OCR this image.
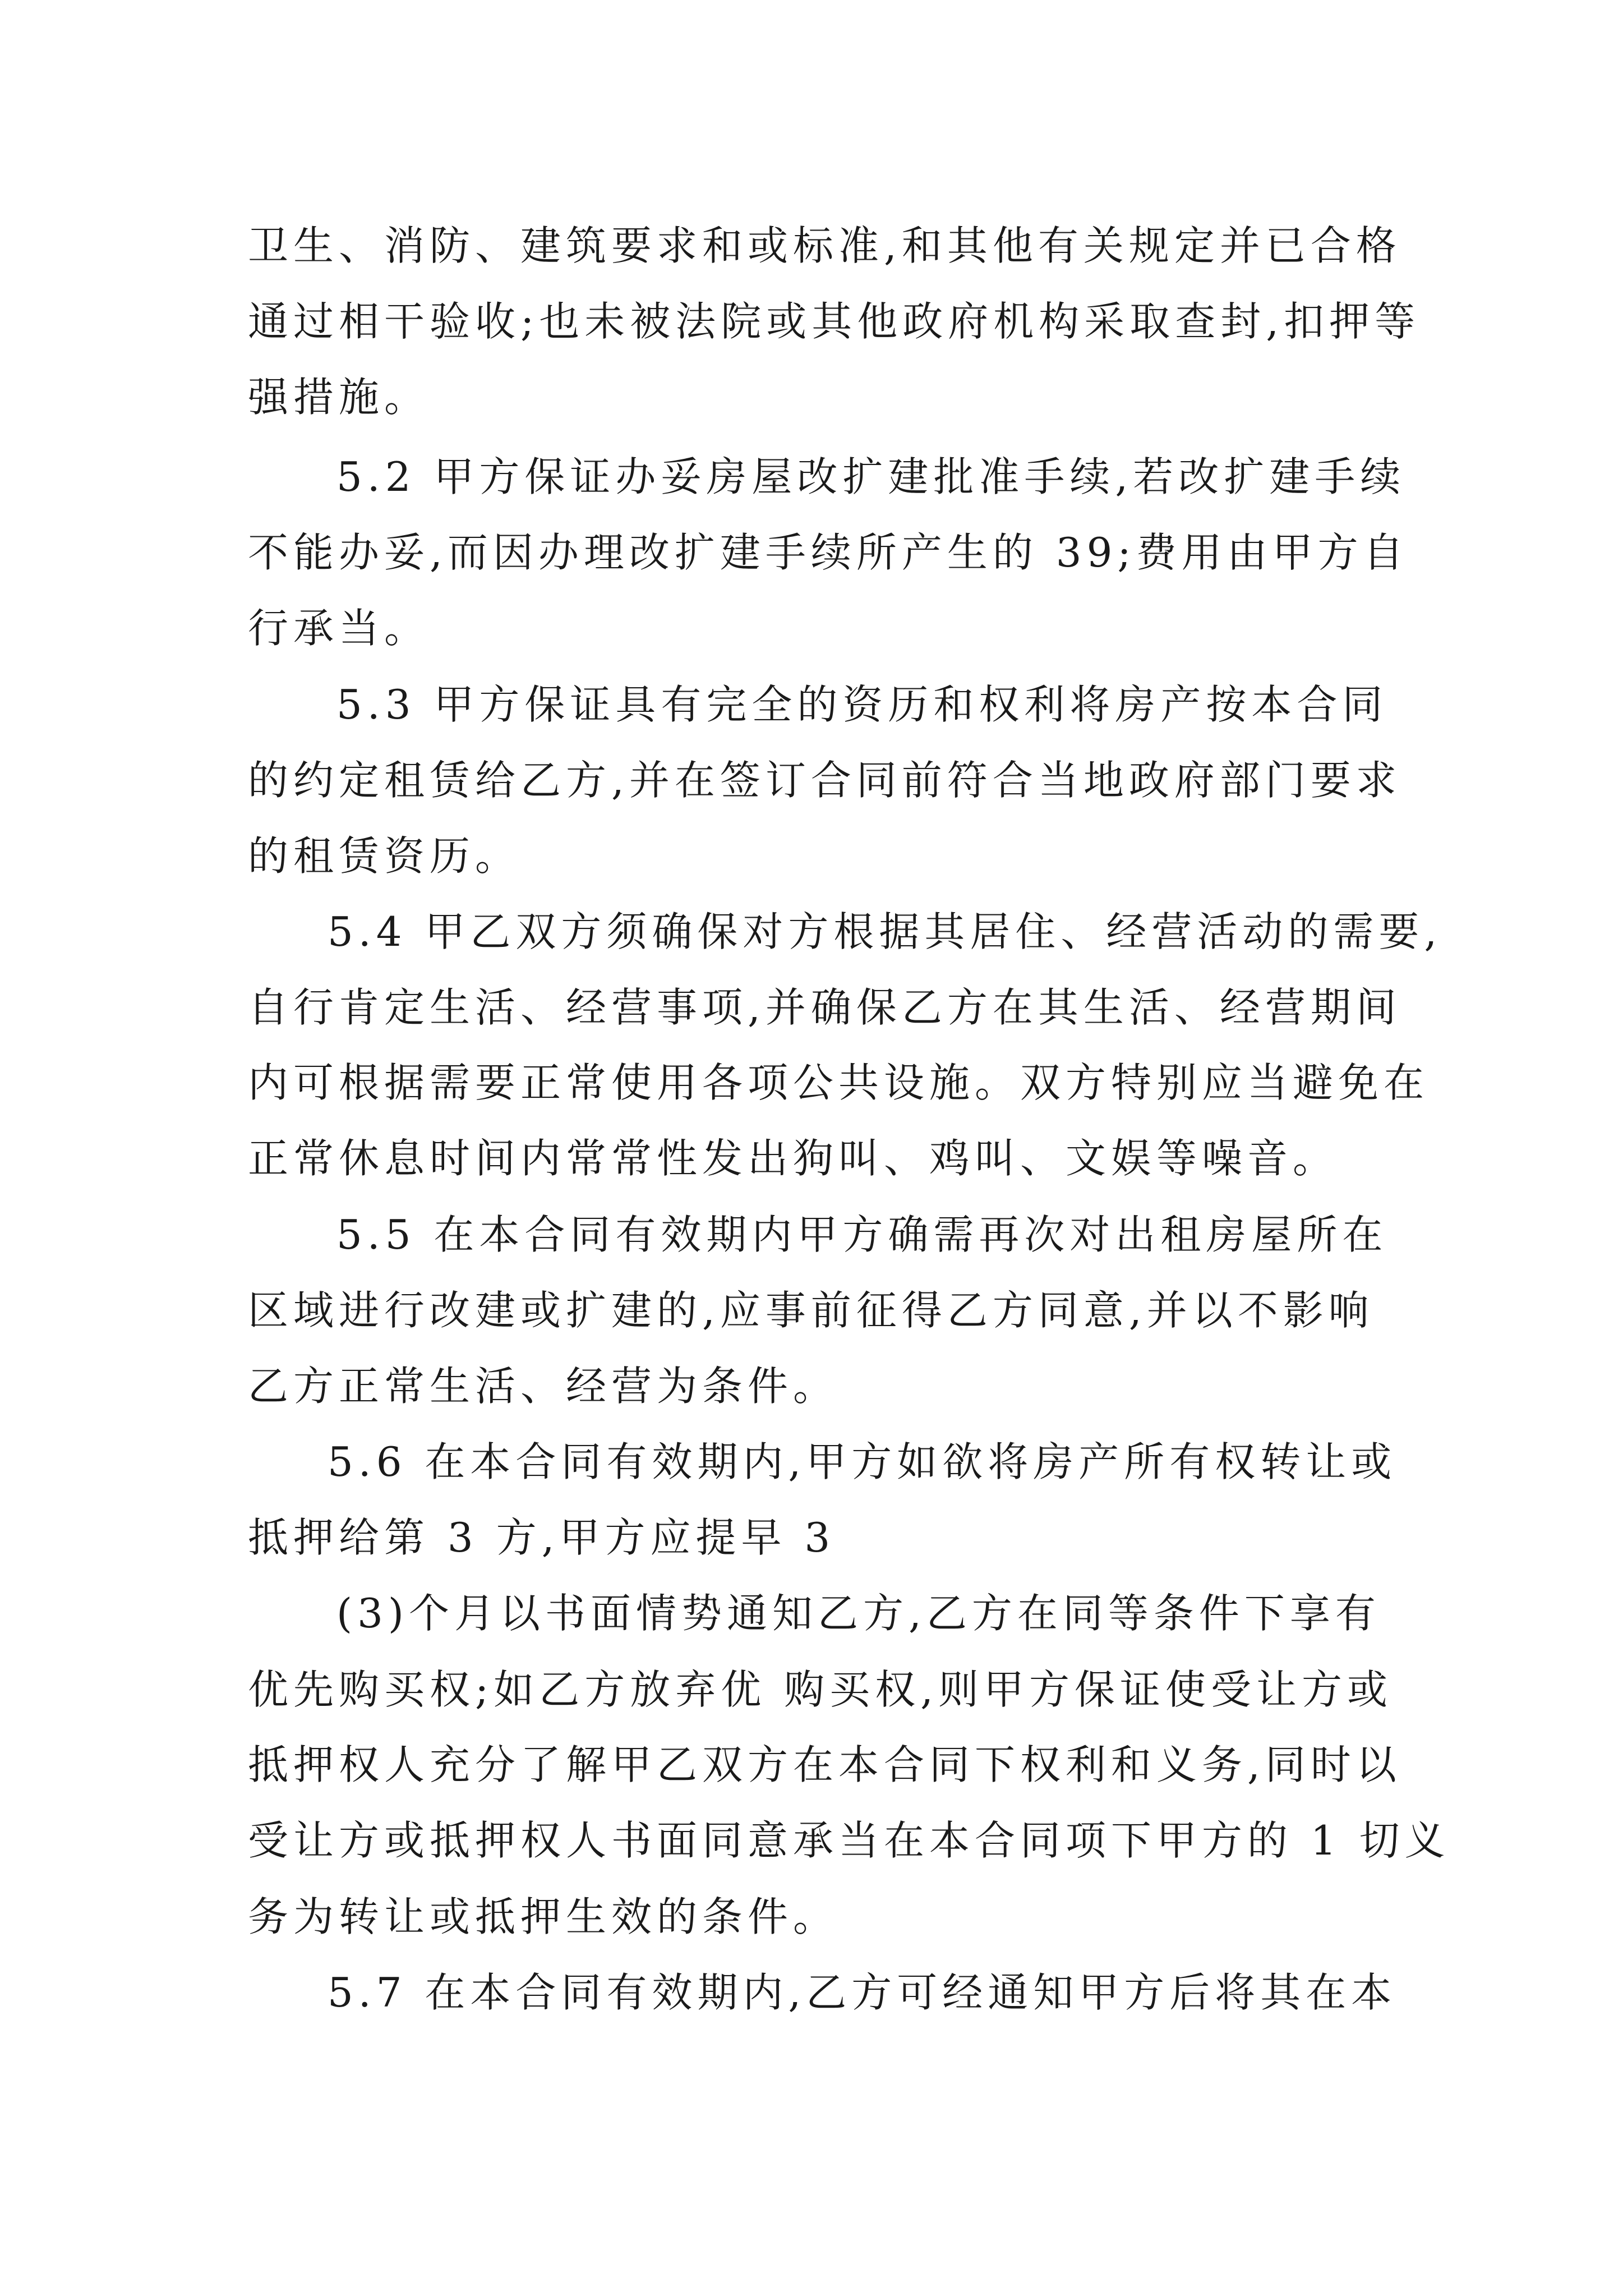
卫生、消防、建筑要求和或标准,和其他有关规定并已合格

通过相干验收;也未被法院或其他政府机构采取查封,扣押等

强措施。

5.2 甲方保证办妥房屋改扩建批准手续,若改扩建手续

不能办妥,而因办理改扩建手续所产生的 39;费用由甲方自

行承当。

5.3 甲方保证具有完全的资历和权利将房产按本合同

的约定租赁给乙方,并在签订合同前符合当地政府部门要求

的租赁资历。

5.4 甲乙双方须确保对方根据其居住、经营活动的需要,

自行肯定生活、经营事项,并确保乙方在其生活、经营期间

内可根据需要正常使用各项公共设施。双方特别应当避免在

正常休息时间内常常性发出狗叫、鸡叫、文娱等噪音。

5.5 在本合同有效期内甲方确需再次对出租房屋所在

区域进行改建或扩建的,应事前征得乙方同意,并以不影响

乙方正常生活、经营为条件。

5.6 在本合同有效期内,甲方如欲将房产所有权转让或

抵押给第 3 方,甲方应提早 3

(3)个月以书面情势通知乙方,乙方在同等条件下享有

优先购买权;如乙方放弃优 购买权,则甲方保证使受让方或

抵押权人充分了解甲乙双方在本合同下权利和义务,同时以

受让方或抵押权人书面同意承当在本合同项下甲方的 1 切义

务为转让或抵押生效的条件。

5.7 在本合同有效期内,乙方可经通知甲方后将其在本
